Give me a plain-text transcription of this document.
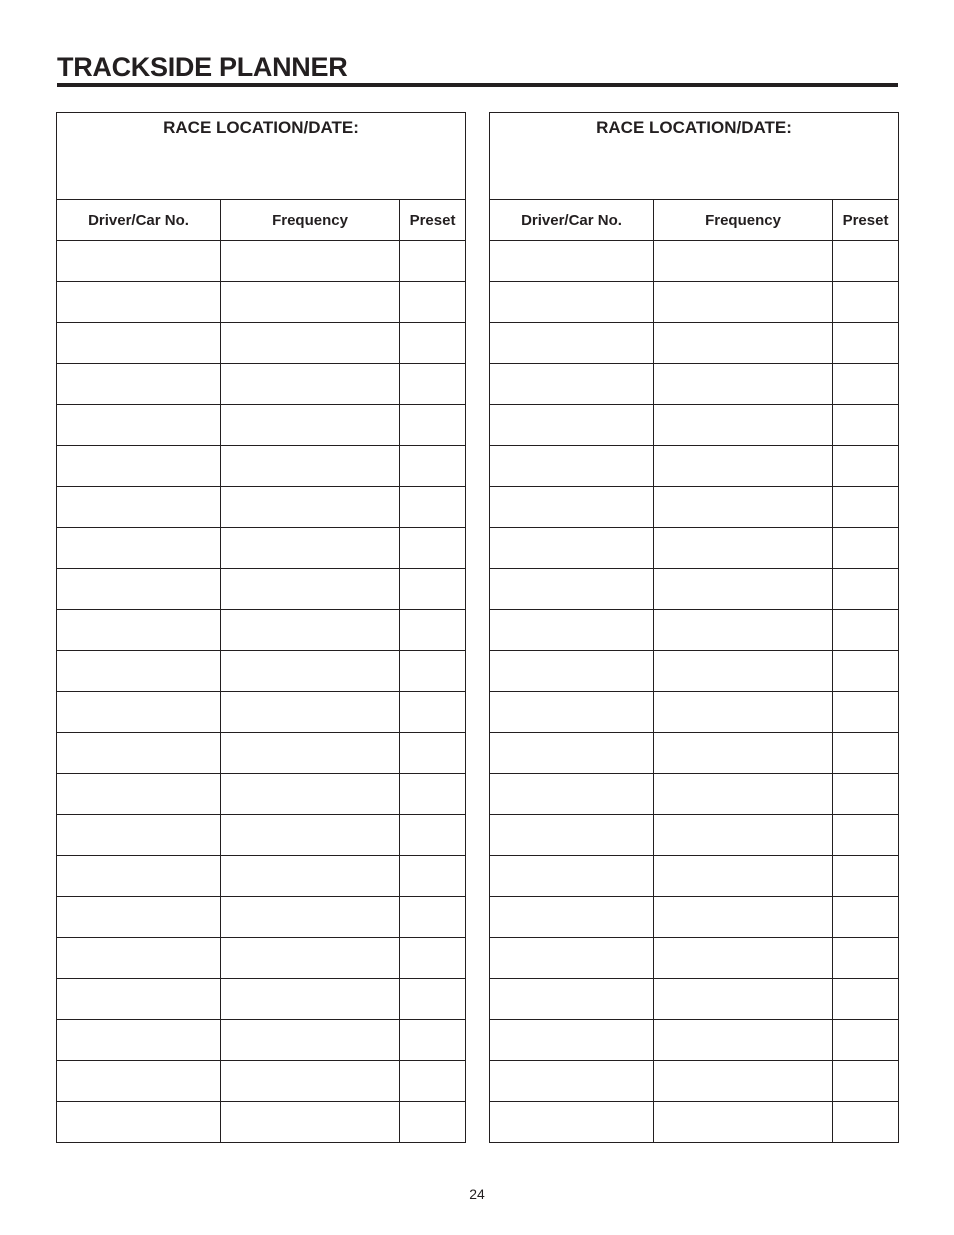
TRACKSIDE PLANNER
RACE LOCATION/DATE:		
Driver/Car No.	Frequency	Preset

RACE LOCATION/DATE:		
Driver/Car No.	Frequency	Preset

24
